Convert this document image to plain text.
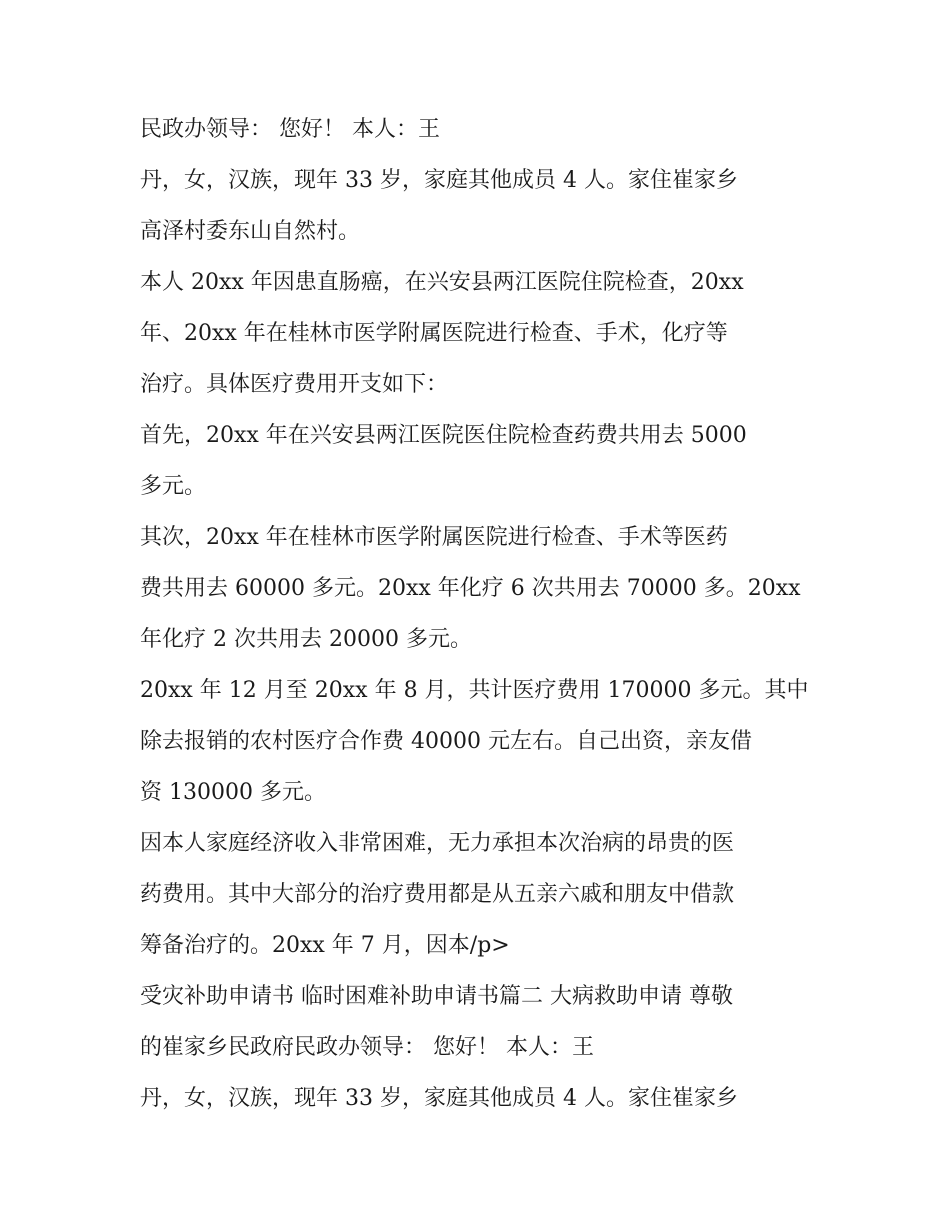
民政办领导： 您好！ 本人：王
丹，女，汉族，现年 33 岁，家庭其他成员 4 人。家住崔家乡
高泽村委东山自然村。
本人 20xx 年因患直肠癌，在兴安县两江医院住院检查，20xx
年、20xx 年在桂林市医学附属医院进行检查、手术，化疗等
治疗。具体医疗费用开支如下：
首先，20xx 年在兴安县两江医院医住院检查药费共用去 5000
多元。
其次，20xx 年在桂林市医学附属医院进行检查、手术等医药
费共用去 60000 多元。20xx 年化疗 6 次共用去 70000 多。20xx
年化疗 2 次共用去 20000 多元。
20xx 年 12 月至 20xx 年 8 月，共计医疗费用 170000 多元。其中
除去报销的农村医疗合作费 40000 元左右。自己出资，亲友借
资 130000 多元。
因本人家庭经济收入非常困难，无力承担本次治病的昂贵的医
药费用。其中大部分的治疗费用都是从五亲六戚和朋友中借款
筹备治疗的。20xx 年 7 月，因本/p>
受灾补助申请书 临时困难补助申请书篇二 大病救助申请 尊敬
的崔家乡民政府民政办领导： 您好！ 本人：王
丹，女，汉族，现年 33 岁，家庭其他成员 4 人。家住崔家乡
